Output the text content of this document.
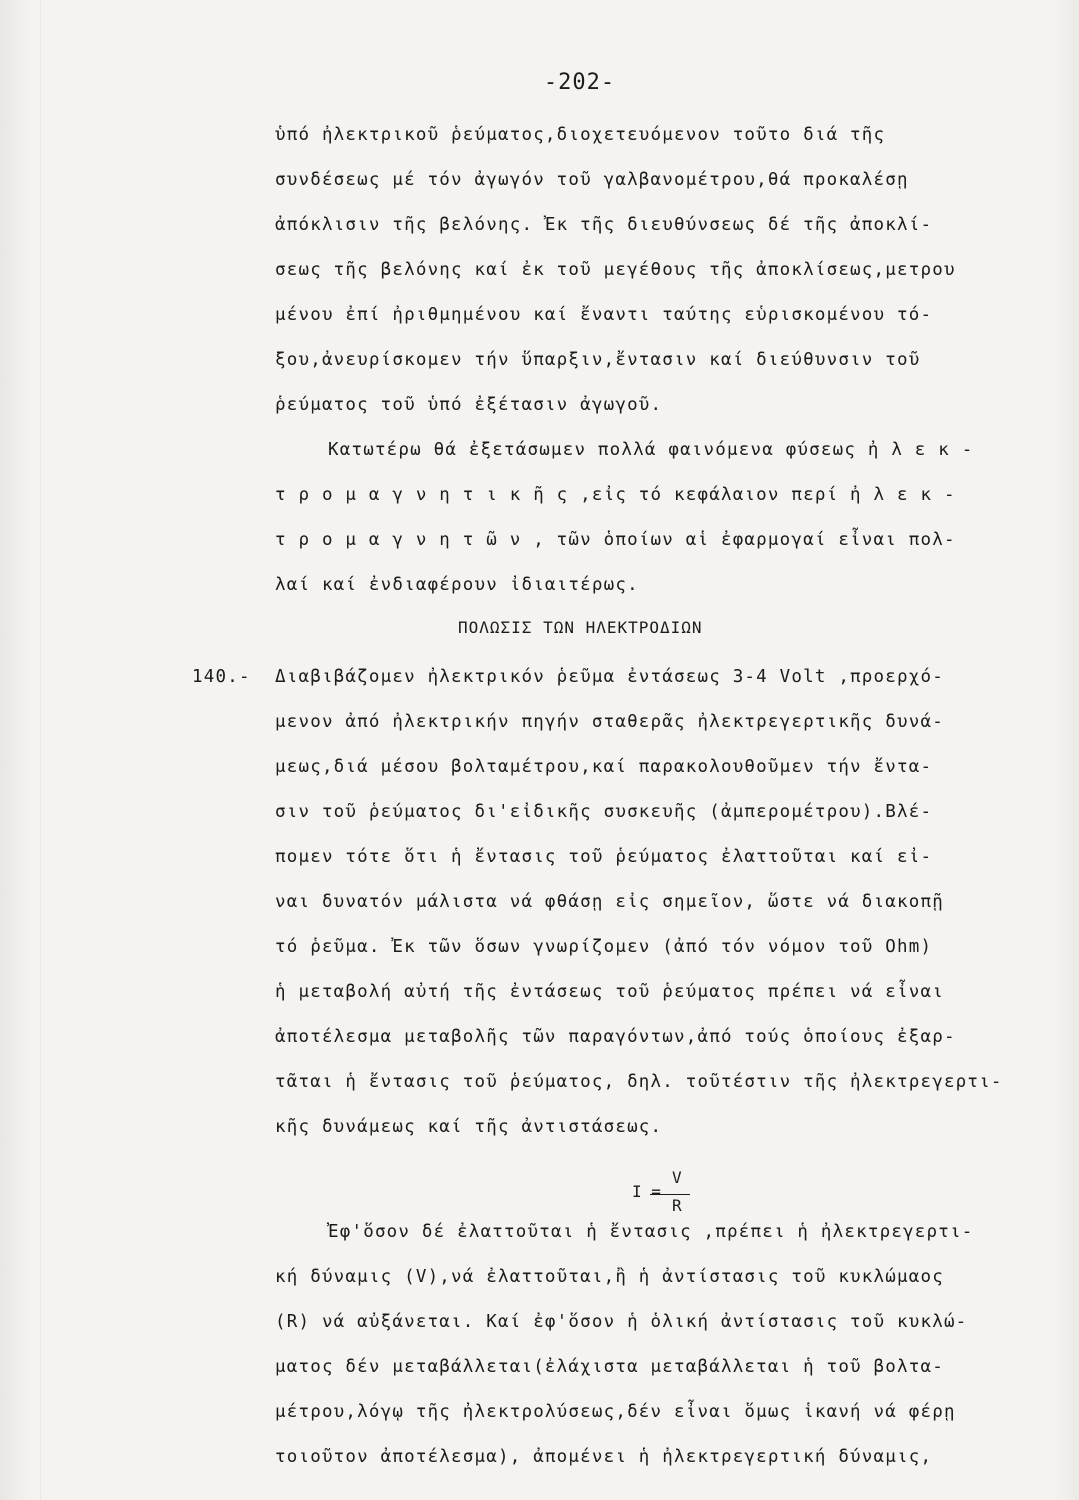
-202-
ὑπό ἠλεκτρικοῦ ῥεύματος,διοχετευόμενον τοῦτο διά τῆς
συνδέσεως μέ τόν ἀγωγόν τοῦ γαλβανομέτρου,θά προκαλέσῃ
ἀπόκλισιν τῆς βελόνης. Ἐκ τῆς διευθύνσεως δέ τῆς ἀποκλί-
σεως τῆς βελόνης καί ἐκ τοῦ μεγέθους τῆς ἀποκλίσεως,μετρου
μένου ἐπί ἠριθμημένου καί ἔναντι ταύτης εὑρισκομένου τό-
ξου,ἀνευρίσκομεν τήν ὕπαρξιν,ἔντασιν καί διεύθυνσιν τοῦ
ῥεύματος τοῦ ὑπό ἐξέτασιν ἀγωγοῦ.
Κατωτέρω θά ἐξετάσωμεν πολλά φαινόμενα φύσεως ἠ λ ε κ -
τ ρ ο μ α γ ν η τ ι κ ῆ ς ,εἰς τό κεφάλαιον περί ἠ λ ε κ -
τ ρ ο μ α γ ν η τ ῶ ν , τῶν ὁποίων αἱ ἐφαρμογαί εἶναι πολ-
λαί καί ἐνδιαφέρουν ἰδιαιτέρως.
ΠΟΛΩΣΙΣ ΤΩΝ ΗΛΕΚΤΡΟΔΙΩΝ
140.- Διαβιβάζομεν ἠλεκτρικόν ῥεῦμα ἐντάσεως 3-4 Volt ,προερχό-
μενον ἀπό ἠλεκτρικήν πηγήν σταθερᾶς ἠλεκτρεγερτικῆς δυνά-
μεως,διά μέσου βολταμέτρου,καί παρακολουθοῦμεν τήν ἔντα-
σιν τοῦ ῥεύματος δι'εἰδικῆς συσκευῆς (ἀμπερομέτρου).Βλέ-
πομεν τότε ὅτι ἡ ἔντασις τοῦ ῥεύματος ἐλαττοῦται καί εἰ-
ναι δυνατόν μάλιστα νά φθάσῃ εἰς σημεῖον, ὥστε νά διακοπῇ
τό ῥεῦμα. Ἐκ τῶν ὅσων γνωρίζομεν (ἀπό τόν νόμον τοῦ Ohm)
ἡ μεταβολή αὐτή τῆς ἐντάσεως τοῦ ῥεύματος πρέπει νά εἶναι
ἀποτέλεσμα μεταβολῆς τῶν παραγόντων,ἀπό τούς ὁποίους ἐξαρ-
τᾶται ἡ ἔντασις τοῦ ῥεύματος, δηλ. τοῦτέστιν τῆς ἠλεκτρεγερτι-
κῆς δυνάμεως καί τῆς ἀντιστάσεως.
I =
V
R
Ἐφ'ὅσον δέ ἐλαττοῦται ἡ ἔντασις ,πρέπει ἡ ἠλεκτρεγερτι-
κή δύναμις (V),νά ἐλαττοῦται,ἢ ἡ ἀντίστασις τοῦ κυκλώμαος
(R) νά αὐξάνεται. Καί ἐφ'ὅσον ἡ ὁλική ἀντίστασις τοῦ κυκλώ-
ματος δέν μεταβάλλεται(ἐλάχιστα μεταβάλλεται ἡ τοῦ βολτα-
μέτρου,λόγῳ τῆς ἠλεκτρολύσεως,δέν εἶναι ὅμως ἱκανή νά φέρῃ
τοιοῦτον ἀποτέλεσμα), ἀπομένει ἡ ἠλεκτρεγερτική δύναμις,
